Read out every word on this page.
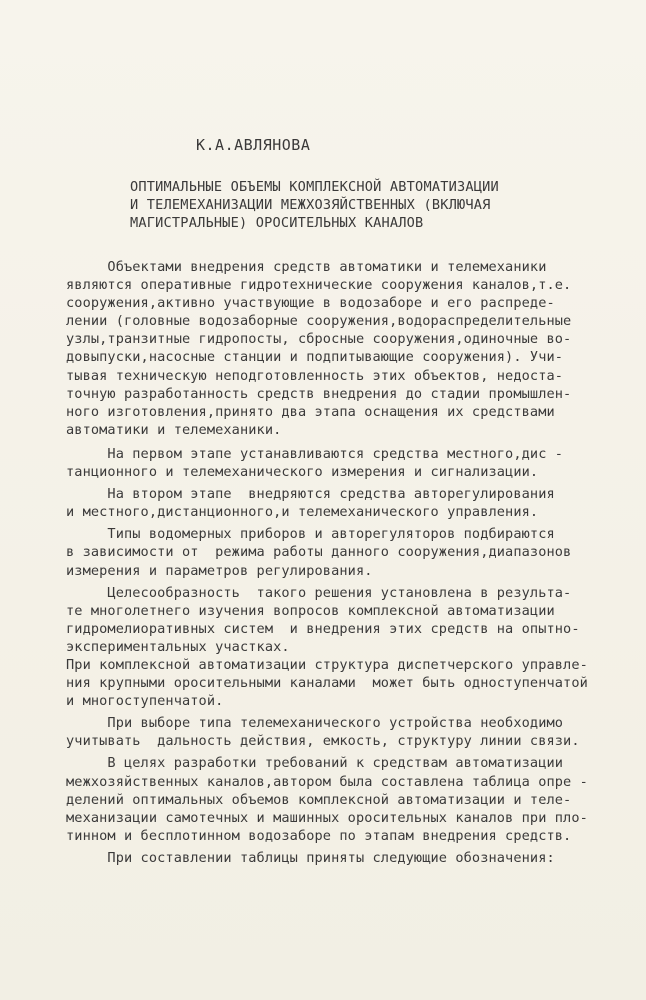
К.А.АВЛЯНОВА
ОПТИМАЛЬНЫЕ ОБЪЕМЫ КОМПЛЕКСНОЙ АВТОМАТИЗАЦИИ
И ТЕЛЕМЕХАНИЗАЦИИ МЕЖХОЗЯЙСТВЕННЫХ (ВКЛЮЧАЯ
МАГИСТРАЛЬНЫЕ) ОРОСИТЕЛЬНЫХ КАНАЛОВ
Объектами внедрения средств автоматики и телемеханики
являются оперативные гидротехнические сооружения каналов,т.е.
сооружения,активно участвующие в водозаборе и его распреде-
лении (головные водозаборные сооружения,водораспределительные
узлы,транзитные гидропосты, сбросные сооружения,одиночные во-
довыпуски,насосные станции и подпитывающие сооружения). Учи-
тывая техническую неподготовленность этих объектов, недоста-
точную разработанность средств внедрения до стадии промышлен-
ного изготовления,принято два этапа оснащения их средствами
автоматики и телемеханики.
На первом этапе устанавливаются средства местного,дис -
танционного и телемеханического измерения и сигнализации.
На втором этапе  внедряются средства авторегулирования
и местного,дистанционного,и телемеханического управления.
Типы водомерных приборов и авторегуляторов подбираются
в зависимости от  режима работы данного сооружения,диапазонов
измерения и параметров регулирования.
Целесообразность  такого решения установлена в результа-
те многолетнего изучения вопросов комплексной автоматизации
гидромелиоративных систем  и внедрения этих средств на опытно-
экспериментальных участках.
При комплексной автоматизации структура диспетчерского управле-
ния крупными оросительными каналами  может быть одноступенчатой
и многоступенчатой.
При выборе типа телемеханического устройства необходимо
учитывать  дальность действия, емкость, структуру линии связи.
В целях разработки требований к средствам автоматизации
межхозяйственных каналов,автором была составлена таблица опре -
делений оптимальных объемов комплексной автоматизации и теле-
механизации самотечных и машинных оросительных каналов при пло-
тинном и бесплотинном водозаборе по этапам внедрения средств.
При составлении таблицы приняты следующие обозначения:
